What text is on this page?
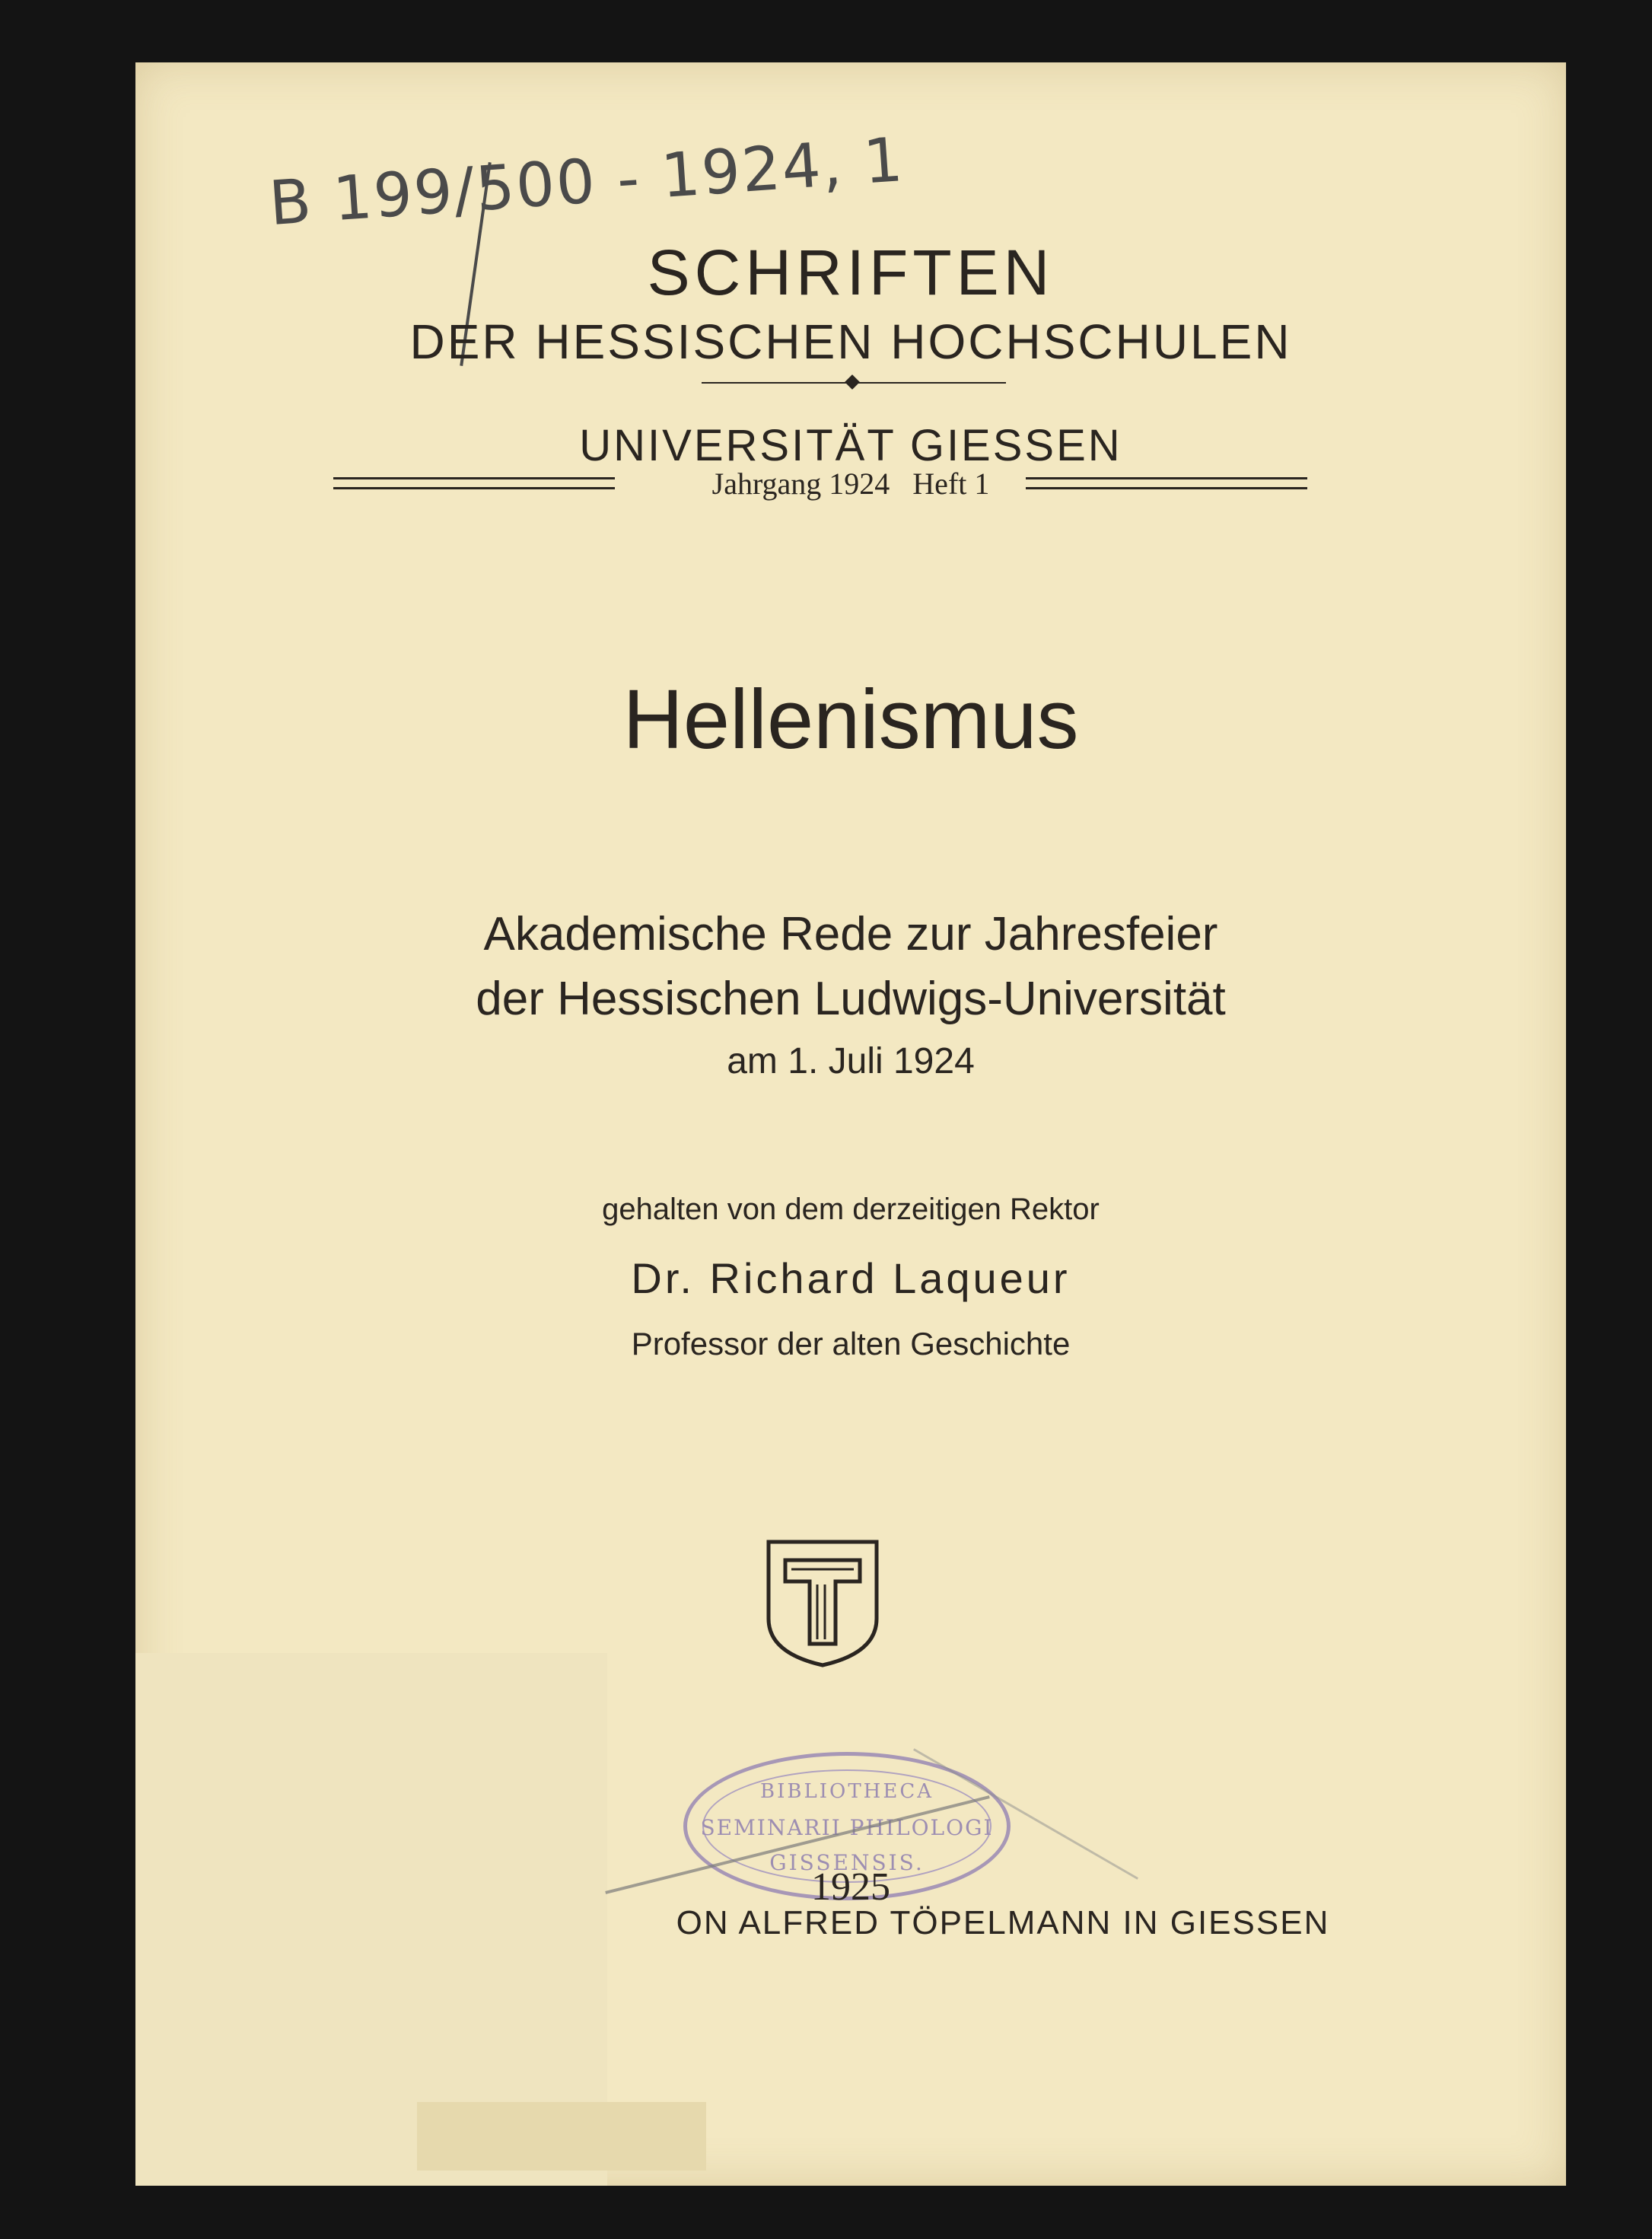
B 199/500 - 1924, 1
SCHRIFTEN
DER HESSISCHEN HOCHSCHULEN
UNIVERSITÄT GIESSEN
Jahrgang 1924   Heft 1
Hellenismus
Akademische Rede zur Jahresfeier
der Hessischen Ludwigs-Universität
am 1. Juli 1924
gehalten von dem derzeitigen Rektor
Dr. Richard Laqueur
Professor der alten Geschichte
BIBLIOTHECA
SEMINARII PHILOLOGI
GISSENSIS.
1925
ON ALFRED TÖPELMANN IN GIESSEN
